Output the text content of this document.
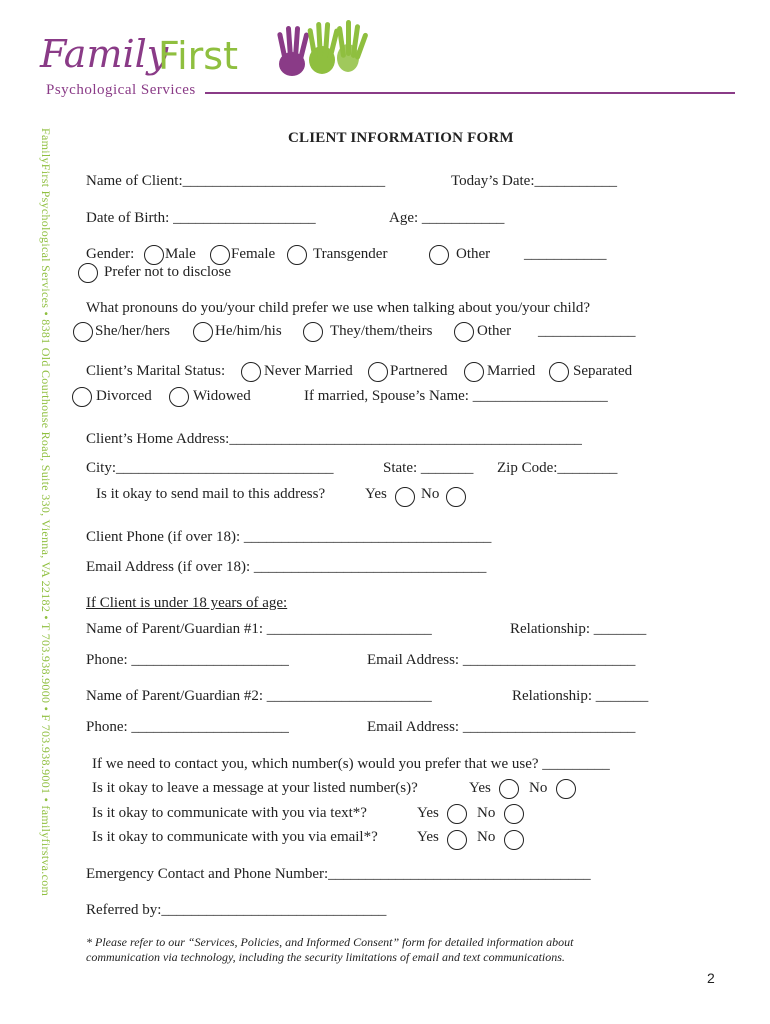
Family
First
Psychological Services
FamilyFirst Psychological Services • 8381 Old Courthouse Road, Suite 330, Vienna, VA 22182 • T 703.938.9000 • F 703.938.9001 • familyfirstva.com	CLIENT INFORMATION FORM
Name of Client:___________________________	Today’s Date:___________
Date of Birth: ___________________	Age: ___________
Gender: Male Female	Transgender	Other ___________
Prefer not to disclose
What pronouns do you/your child prefer we use when talking about you/your child?
She/her/hers	He/him/his	They/them/theirs	Other _____________
Client’s Marital Status:	Never Married Partnered	Married	Separated
Divorced	Widowed	If married, Spouse’s Name: __________________
Client’s Home Address:_______________________________________________
City:_____________________________	State: _______ Zip Code:________
Is it okay to send mail to this address?	Yes No
Client Phone (if over 18): _________________________________
Email Address (if over 18): _______________________________
If Client is under 18 years of age:
Name of Parent/Guardian #1: ______________________	Relationship: _______
Phone: _____________________	Email Address: _______________________
Name of Parent/Guardian #2: ______________________	Relationship: _______
Phone: _____________________	Email Address: _______________________
If we need to contact you, which number(s) would you prefer that we use? _________
Is it okay to leave a message at your listed number(s)?	Yes	No
Is it okay to communicate with you via text*?	Yes	No
Is it okay to communicate with you via email*?	Yes	No
Emergency Contact and Phone Number:___________________________________
Referred by:______________________________
* Please refer to our “Services, Policies, and Informed Consent” form for detailed information about
communication via technology, including the security limitations of email and text communications.
2
